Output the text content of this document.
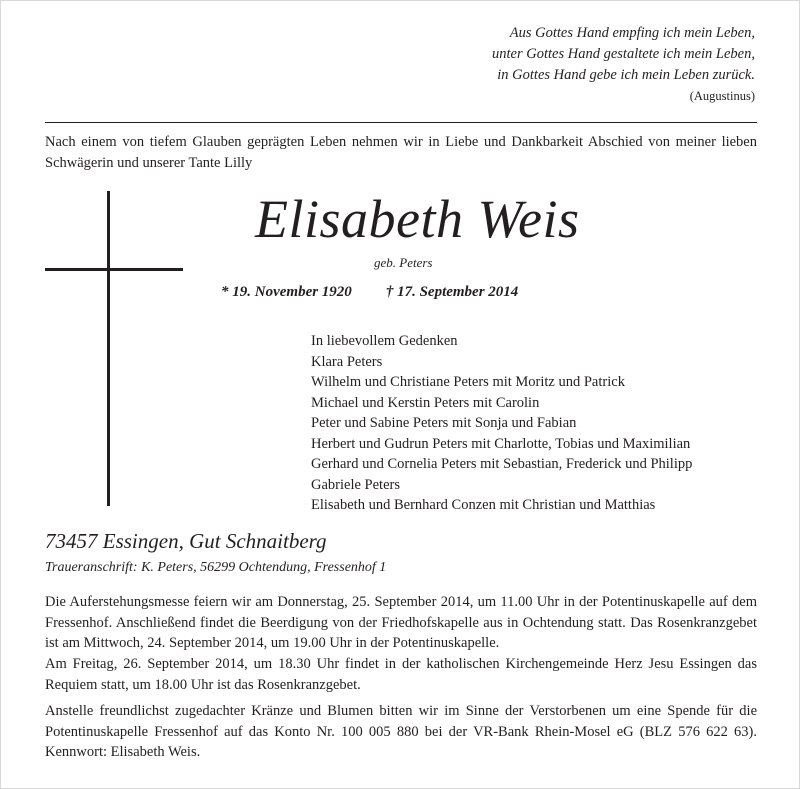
Aus Gottes Hand empfing ich mein Leben,
unter Gottes Hand gestaltete ich mein Leben,
in Gottes Hand gebe ich mein Leben zurück.
(Augustinus)
Nach einem von tiefem Glauben geprägten Leben nehmen wir in Liebe und Dankbarkeit Abschied von meiner lieben Schwägerin und unserer Tante Lilly
Elisabeth Weis
geb. Peters
* 19. November 1920 † 17. September 2014
In liebevollem Gedenken
Klara Peters
Wilhelm und Christiane Peters mit Moritz und Patrick
Michael und Kerstin Peters mit Carolin
Peter und Sabine Peters mit Sonja und Fabian
Herbert und Gudrun Peters mit Charlotte, Tobias und Maximilian
Gerhard und Cornelia Peters mit Sebastian, Frederick und Philipp
Gabriele Peters
Elisabeth und Bernhard Conzen mit Christian und Matthias
73457 Essingen, Gut Schnaitberg
Traueranschrift: K. Peters, 56299 Ochtendung, Fressenhof 1

Die Auferstehungsmesse feiern wir am Donnerstag, 25. September 2014, um 11.00 Uhr in der Potentinuskapelle auf dem Fressenhof. Anschließend findet die Beerdigung von der Friedhofskapelle aus in Ochtendung statt. Das Rosenkranzgebet ist am Mittwoch, 24. September 2014, um 19.00 Uhr in der Potentinuskapelle.

Am Freitag, 26. September 2014, um 18.30 Uhr findet in der katholischen Kirchengemeinde Herz Jesu Essingen das Requiem statt, um 18.00 Uhr ist das Rosenkranzgebet.

Anstelle freundlichst zugedachter Kränze und Blumen bitten wir im Sinne der Verstorbenen um eine Spende für die Potentinuskapelle Fressenhof auf das Konto Nr. 100 005 880 bei der VR-Bank Rhein-Mosel eG (BLZ 576 622 63). Kennwort: Elisabeth Weis.
